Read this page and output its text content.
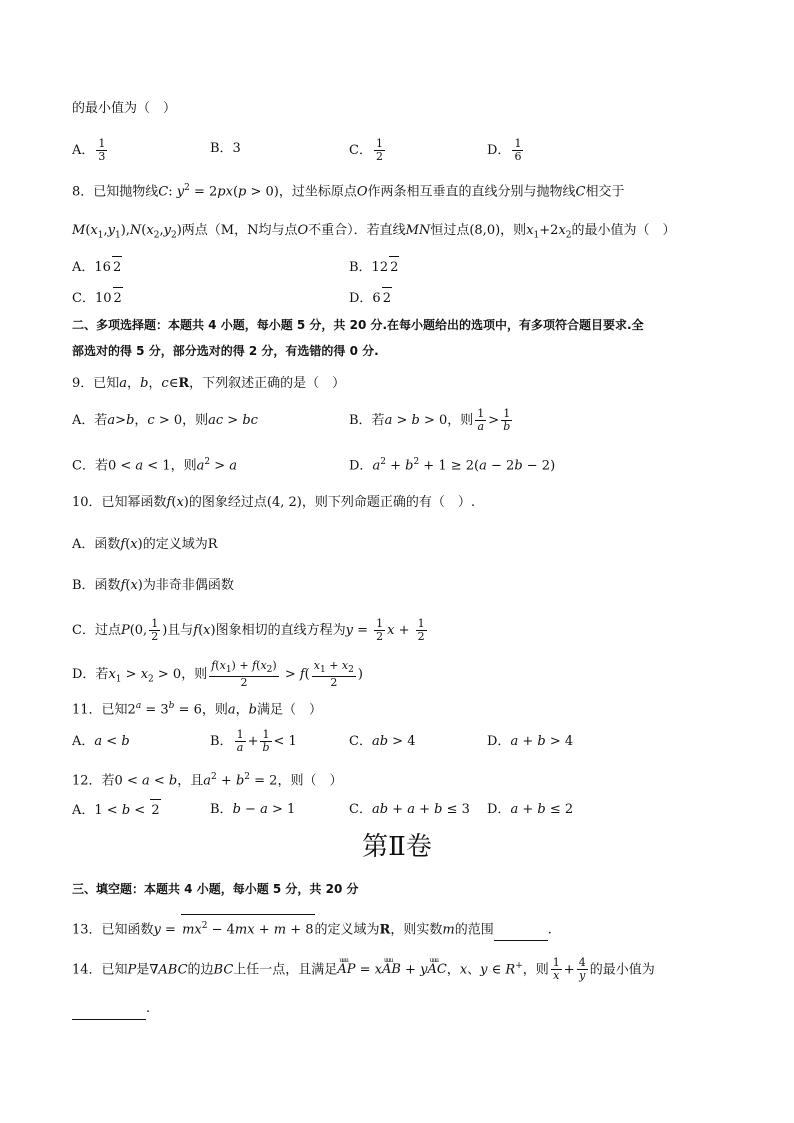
的最小值为（　）
A． $\frac{1}{3}$	B．3	C． $\frac{1}{2}$	D． $\frac{1}{6}$
8．已知抛物线C: $y^2 = 2px(p > 0)$，过坐标原点O作两条相互垂直的直线分别与抛物线C相交于
$M(x_1,y_1),N(x_2,y_2)$两点（M，N均与点O不重合）．若直线MN恒过点(8,0)，则$x_1+2x_2$的最小值为（　）
A．16 2	B．12 2
C．10 2	D．6 2
二、多项选择题：本题共 4 小题，每小题 5 分，共 20 分.在每小题给出的选项中，有多项符合题目要求.全
部选对的得 5 分，部分选对的得 2 分，有选错的得 0 分.
9．已知a，b，c∈R，下列叙述正确的是（　）
A．若a>b，c > 0，则ac > bc	B．若a > b > 0，则 $\frac{1}{a} > \frac{1}{b}$
C．若0 < a < 1，则$a^2 > a$	D．$a^2 + b^2 + 1 \ge 2(a - 2b - 2)$
10．已知幂函数f(x)的图象经过点(4, 2)，则下列命题正确的有（　）.
A．函数f(x)的定义域为R
B．函数f(x)为非奇非偶函数
C．过点P(0, $\frac{1}{2}$ )且与f(x)图象相切的直线方程为$y = \frac{1}{2}$ $x + \frac{1}{2}$
D．若$x_1 > x_2 > 0$，则 $\frac{f(x_1) + f(x_2)}{2} > f( \frac{x_1 + x_2}{2}$ )
11．已知$2^a = 3^b = 6$，则a，b满足（　）
A．a < b	B． $\frac{1}{a} + \frac{1}{b} < 1$	C．ab > 4	D．a + b > 4
12．若0 < a < b，且$a^2 + b^2 = 2$，则（　）
A．1 < b < 2	B．b − a > 1	C．ab + a + b ≤ 3 D．a + b ≤ 2
第Ⅱ卷
三、填空题：本题共 4 小题，每小题 5 分，共 20 分
13．已知函数$y = mx^2 - 4mx + m + 8$的定义域为R，则实数m的范围	.
14．已知P是∇ABC的边BC上任一点，且满足uuu AP = xuuu AB + yuuu AC，x、y ∈ R+，则 $\frac{1}{x} + \frac{4}{y}$ 的最小值为
.
